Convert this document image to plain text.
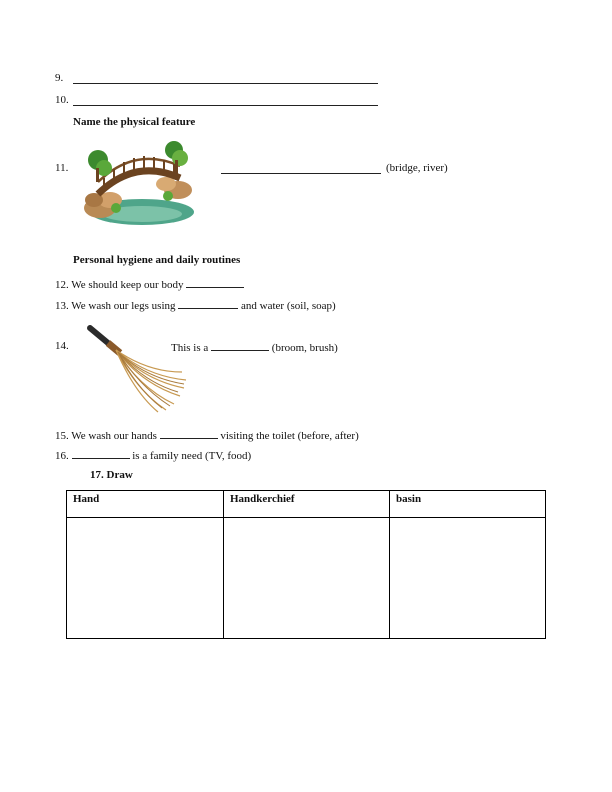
9.
10.
Name the physical feature
11.	(bridge, river)
Personal hygiene and daily routines
12. We should keep our body
13. We wash our legs using	and water (soil, soap)
14.	This is a	(broom, brush)
15. We wash our hands	visiting the toilet (before, after)
16.	is a family need (TV, food)
17. Draw
Hand	Handkerchief	basin
